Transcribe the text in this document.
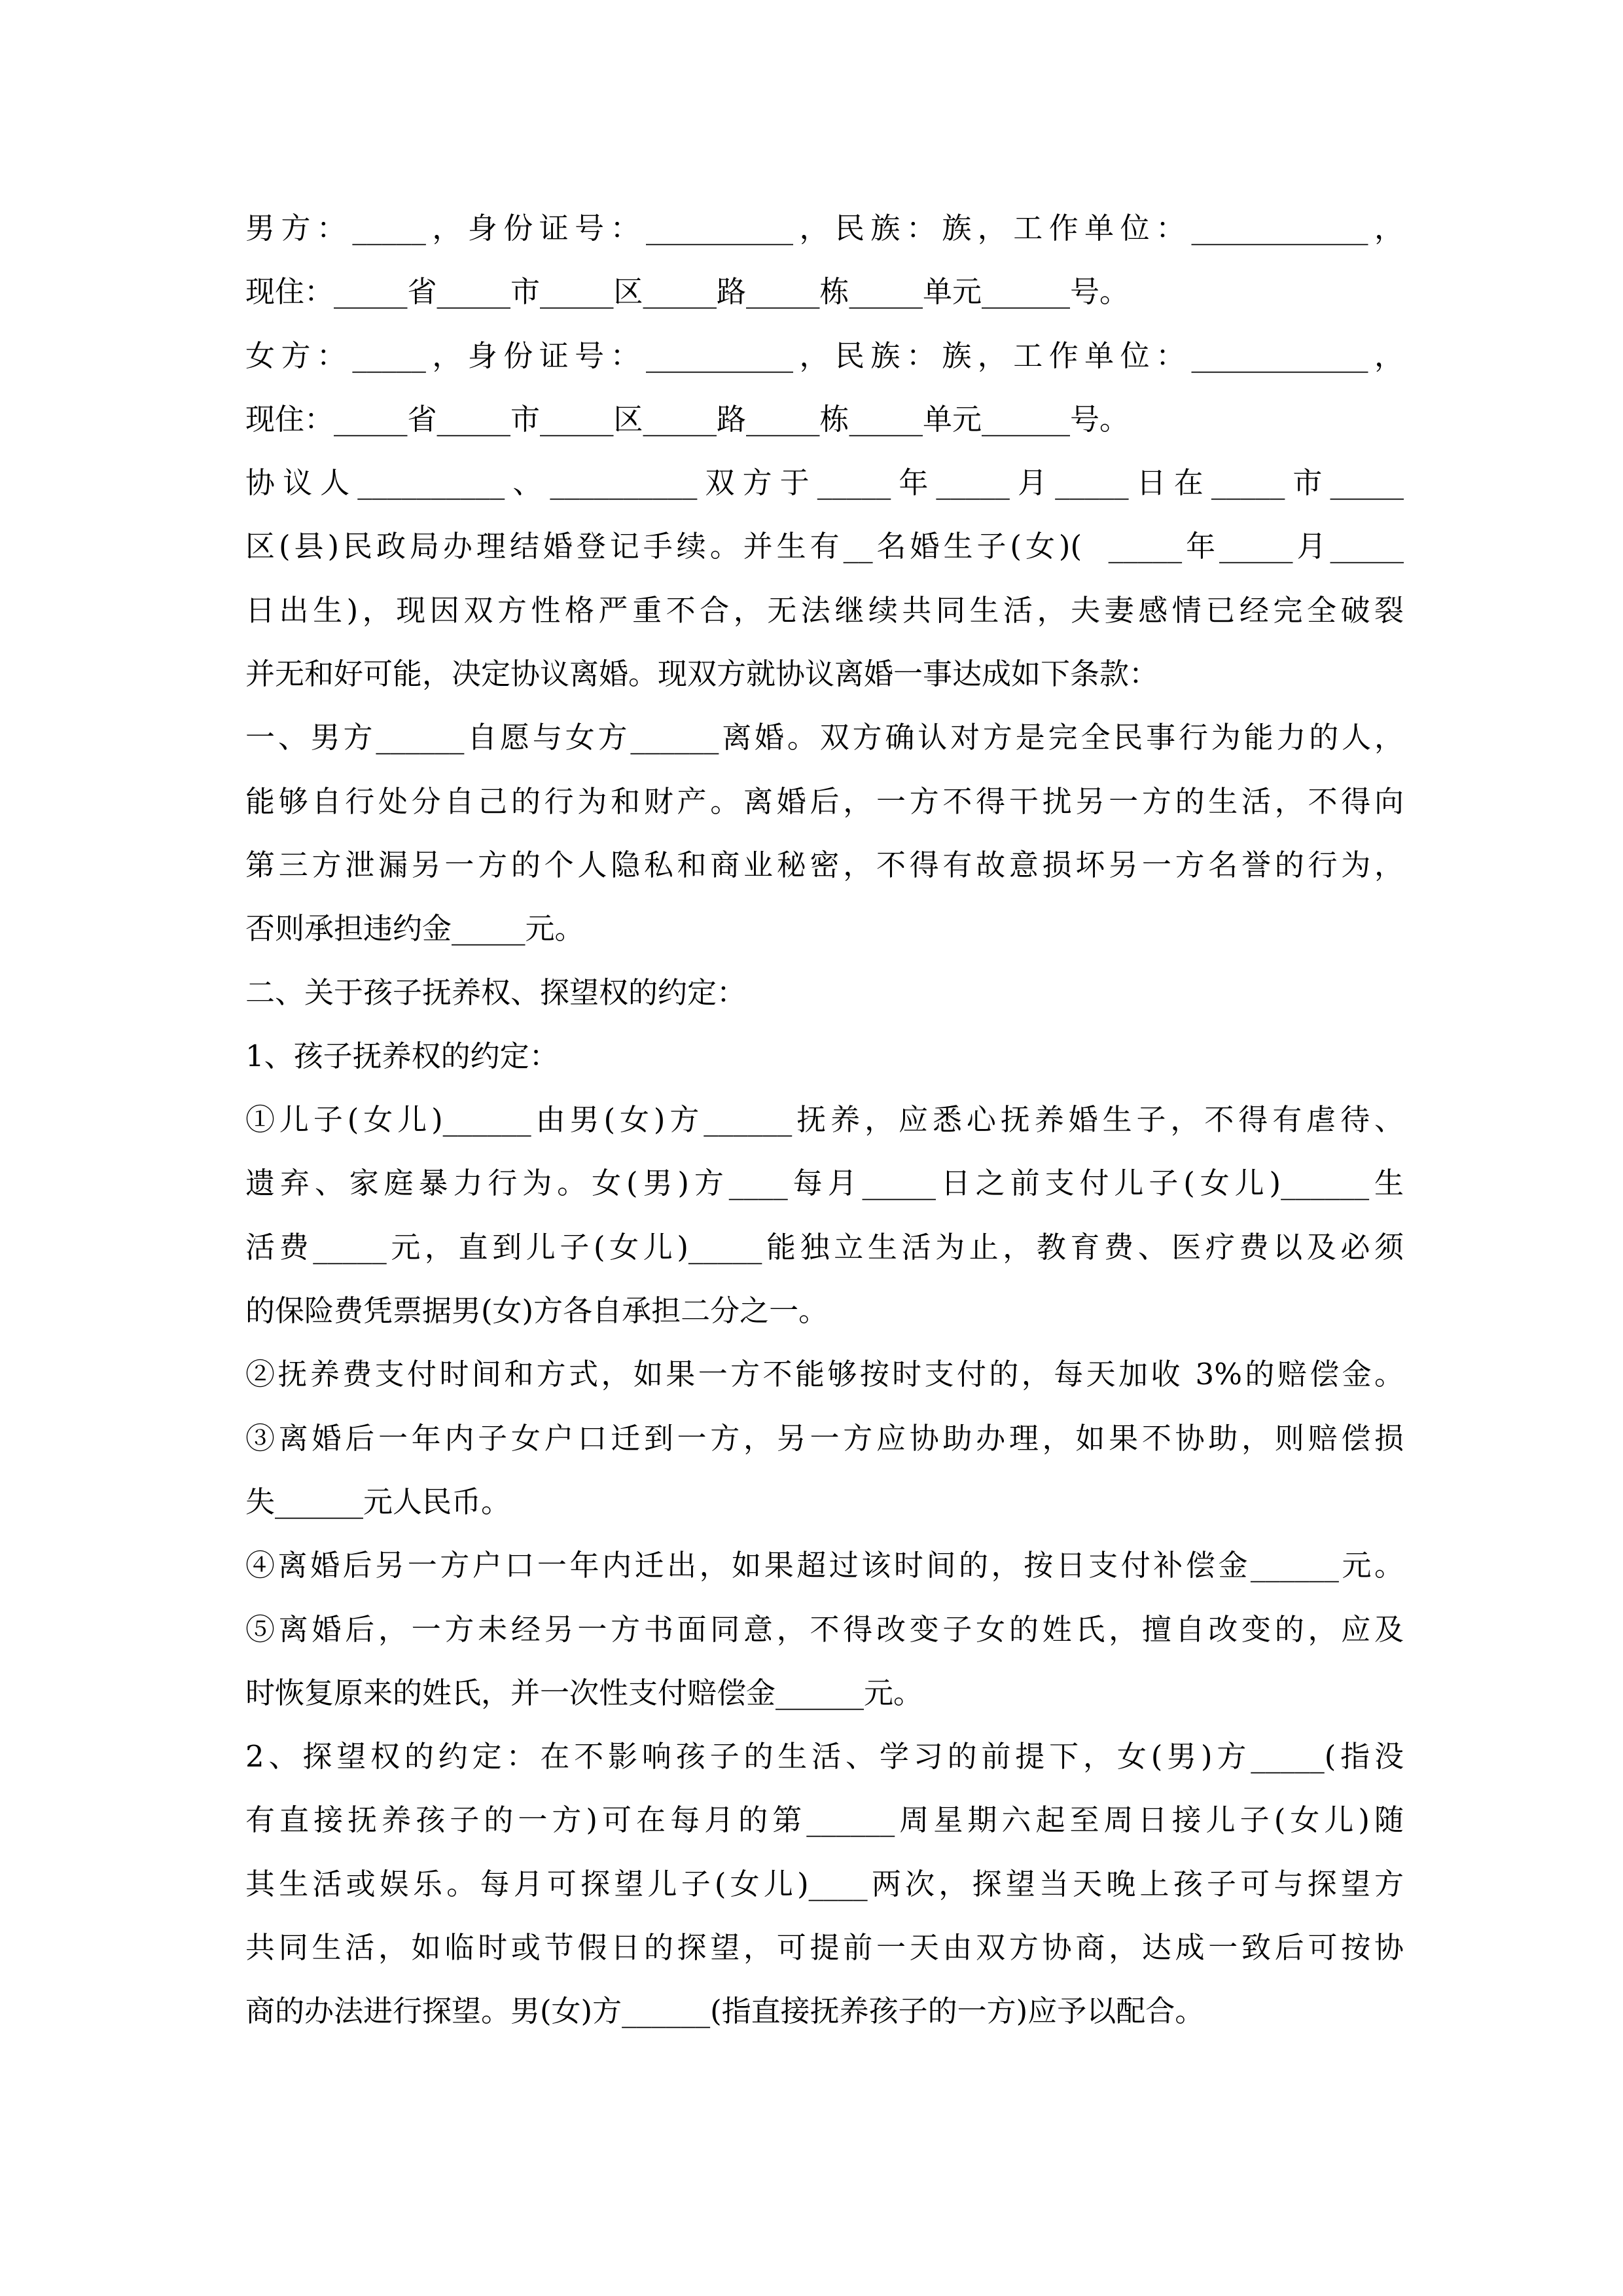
男方：_____，身份证号：__________，民族：族，工作单位：____________，
现住：_____省_____市_____区_____路_____栋_____单元______号。
女方：_____，身份证号：__________，民族：族，工作单位：____________，
现住：_____省_____市_____区_____路_____栋_____单元______号。
协议人__________、__________双方于_____年_____月_____日在_____市_____
区(县)民政局办理结婚登记手续。并生有__名婚生子(女)(  _____年_____月_____
日出生)，现因双方性格严重不合，无法继续共同生活，夫妻感情已经完全破裂
并无和好可能，决定协议离婚。现双方就协议离婚一事达成如下条款：
一、男方______自愿与女方______离婚。双方确认对方是完全民事行为能力的人，
能够自行处分自己的行为和财产。离婚后，一方不得干扰另一方的生活，不得向
第三方泄漏另一方的个人隐私和商业秘密，不得有故意损坏另一方名誉的行为，
否则承担违约金_____元。
二、关于孩子抚养权、探望权的约定：
1、孩子抚养权的约定：
①儿子(女儿)______由男(女)方______抚养，应悉心抚养婚生子，不得有虐待、
遗弃、家庭暴力行为。女(男)方____每月_____日之前支付儿子(女儿)______生
活费_____元，直到儿子(女儿)_____能独立生活为止，教育费、医疗费以及必须
的保险费凭票据男(女)方各自承担二分之一。
②抚养费支付时间和方式，如果一方不能够按时支付的，每天加收 3%的赔偿金。
③离婚后一年内子女户口迁到一方，另一方应协助办理，如果不协助，则赔偿损
失______元人民币。
④离婚后另一方户口一年内迁出，如果超过该时间的，按日支付补偿金______元。
⑤离婚后，一方未经另一方书面同意，不得改变子女的姓氏，擅自改变的，应及
时恢复原来的姓氏，并一次性支付赔偿金______元。
2、探望权的约定：在不影响孩子的生活、学习的前提下，女(男)方_____(指没
有直接抚养孩子的一方)可在每月的第______周星期六起至周日接儿子(女儿)随
其生活或娱乐。每月可探望儿子(女儿)____两次，探望当天晚上孩子可与探望方
共同生活，如临时或节假日的探望，可提前一天由双方协商，达成一致后可按协
商的办法进行探望。男(女)方______(指直接抚养孩子的一方)应予以配合。
